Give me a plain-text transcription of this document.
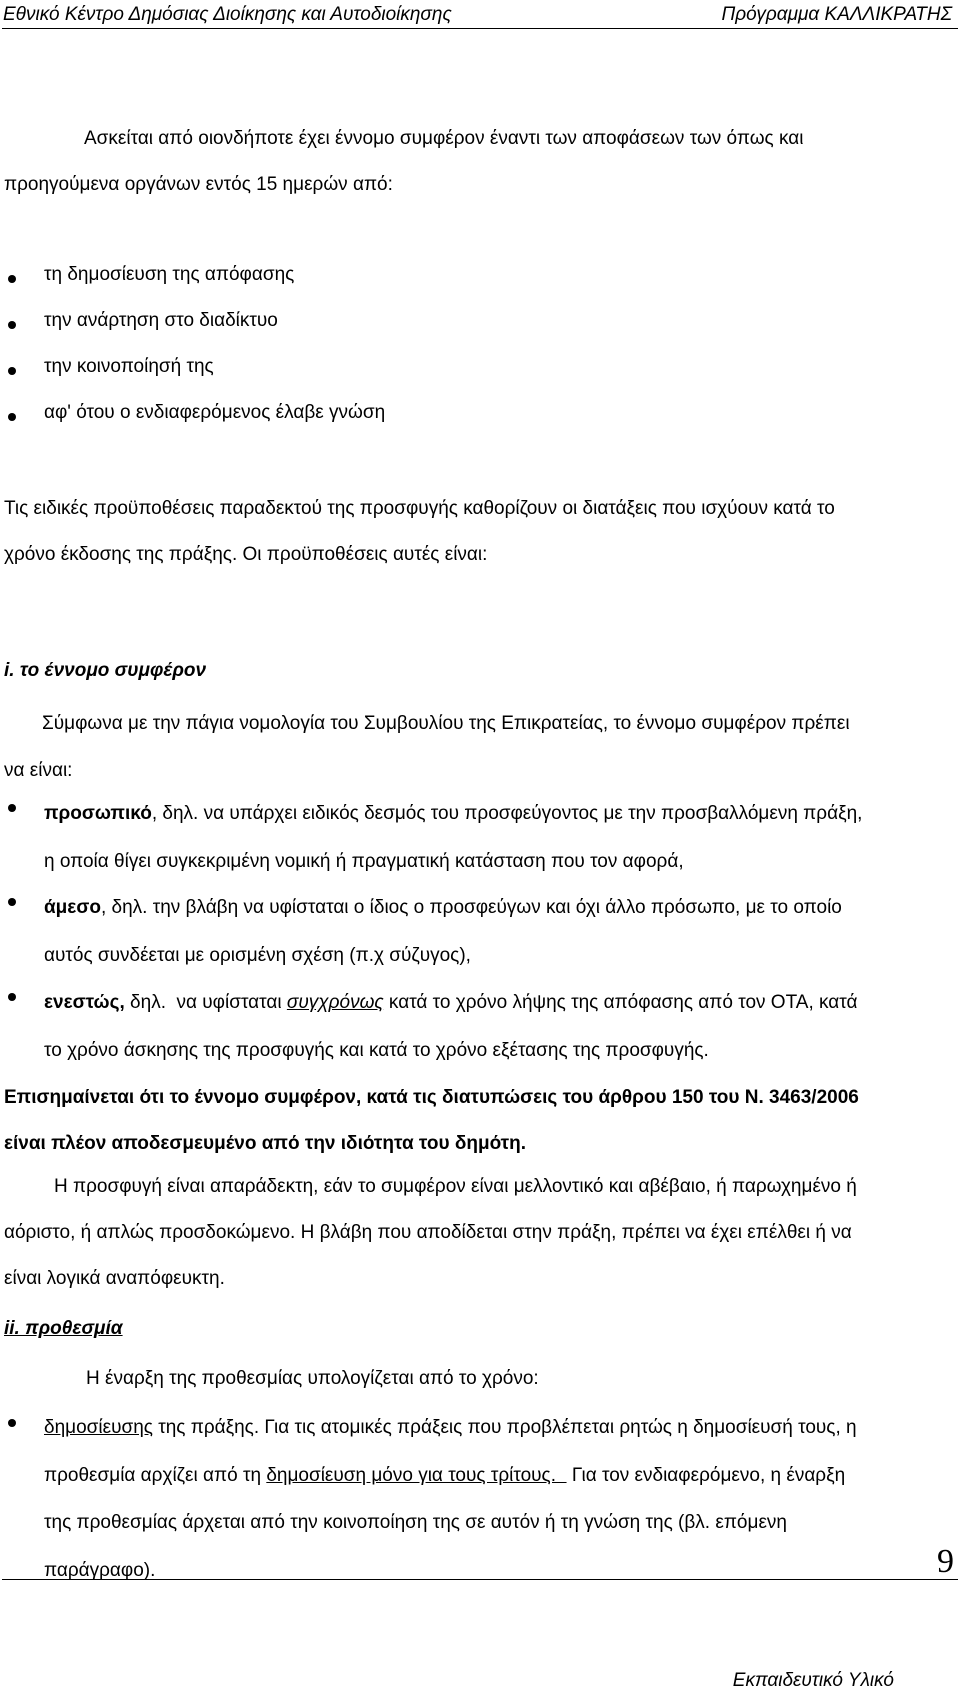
Εθνικό Κέντρο Δημόσιας Διοίκησης και Αυτοδιοίκησης	Πρόγραμμα ΚΑΛΛΙΚΡΑΤΗΣ
Ασκείται από οιονδήποτε έχει έννομο συμφέρον έναντι των αποφάσεων των όπως και
προηγούμενα οργάνων εντός 15 ημερών από:
τη δημοσίευση της απόφασης
την ανάρτηση στο διαδίκτυο
την κοινοποίησή της
αφ' ότου ο ενδιαφερόμενος έλαβε γνώση
Τις ειδικές προϋποθέσεις παραδεκτού της προσφυγής καθορίζουν οι διατάξεις που ισχύουν κατά το
χρόνο έκδοσης της πράξης. Οι προϋποθέσεις αυτές είναι:
i. το έννομο συμφέρον
Σύμφωνα με την πάγια νομολογία του Συμβουλίου της Επικρατείας, το έννομο συμφέρον πρέπει
να είναι:
προσωπικό, δηλ. να υπάρχει ειδικός δεσμός του προσφεύγοντος με την προσβαλλόμενη πράξη,
η οποία θίγει συγκεκριμένη νομική ή πραγματική κατάσταση που τον αφορά,
άμεσο, δηλ. την βλάβη να υφίσταται ο ίδιος ο προσφεύγων και όχι άλλο πρόσωπο, με το οποίο
αυτός συνδέεται με ορισμένη σχέση (π.χ σύζυγος),
ενεστώς, δηλ.  να υφίσταται συγχρόνως κατά το χρόνο λήψης της απόφασης από τον ΟΤΑ, κατά
το χρόνο άσκησης της προσφυγής και κατά το χρόνο εξέτασης της προσφυγής.
Επισημαίνεται ότι το έννομο συμφέρον, κατά τις διατυπώσεις του άρθρου 150 του Ν. 3463/2006
είναι πλέον αποδεσμευμένο από την ιδιότητα του δημότη.
Η προσφυγή είναι απαράδεκτη, εάν το συμφέρον είναι μελλοντικό και αβέβαιο, ή παρωχημένο ή
αόριστο, ή απλώς προσδοκώμενο. Η βλάβη που αποδίδεται στην πράξη, πρέπει να έχει επέλθει ή να
είναι λογικά αναπόφευκτη.
ii. προθεσμία
Η έναρξη της προθεσμίας υπολογίζεται από το χρόνο:
δημοσίευσης της πράξης. Για τις ατομικές πράξεις που προβλέπεται ρητώς η δημοσίευσή τους, η
προθεσμία αρχίζει από τη δημοσίευση μόνο για τους τρίτους.   Για τον ενδιαφερόμενο, η έναρξη
της προθεσμίας άρχεται από την κοινοποίηση της σε αυτόν ή τη γνώση της (βλ. επόμενη
παράγραφο).	9
Εκπαιδευτικό Υλικό
